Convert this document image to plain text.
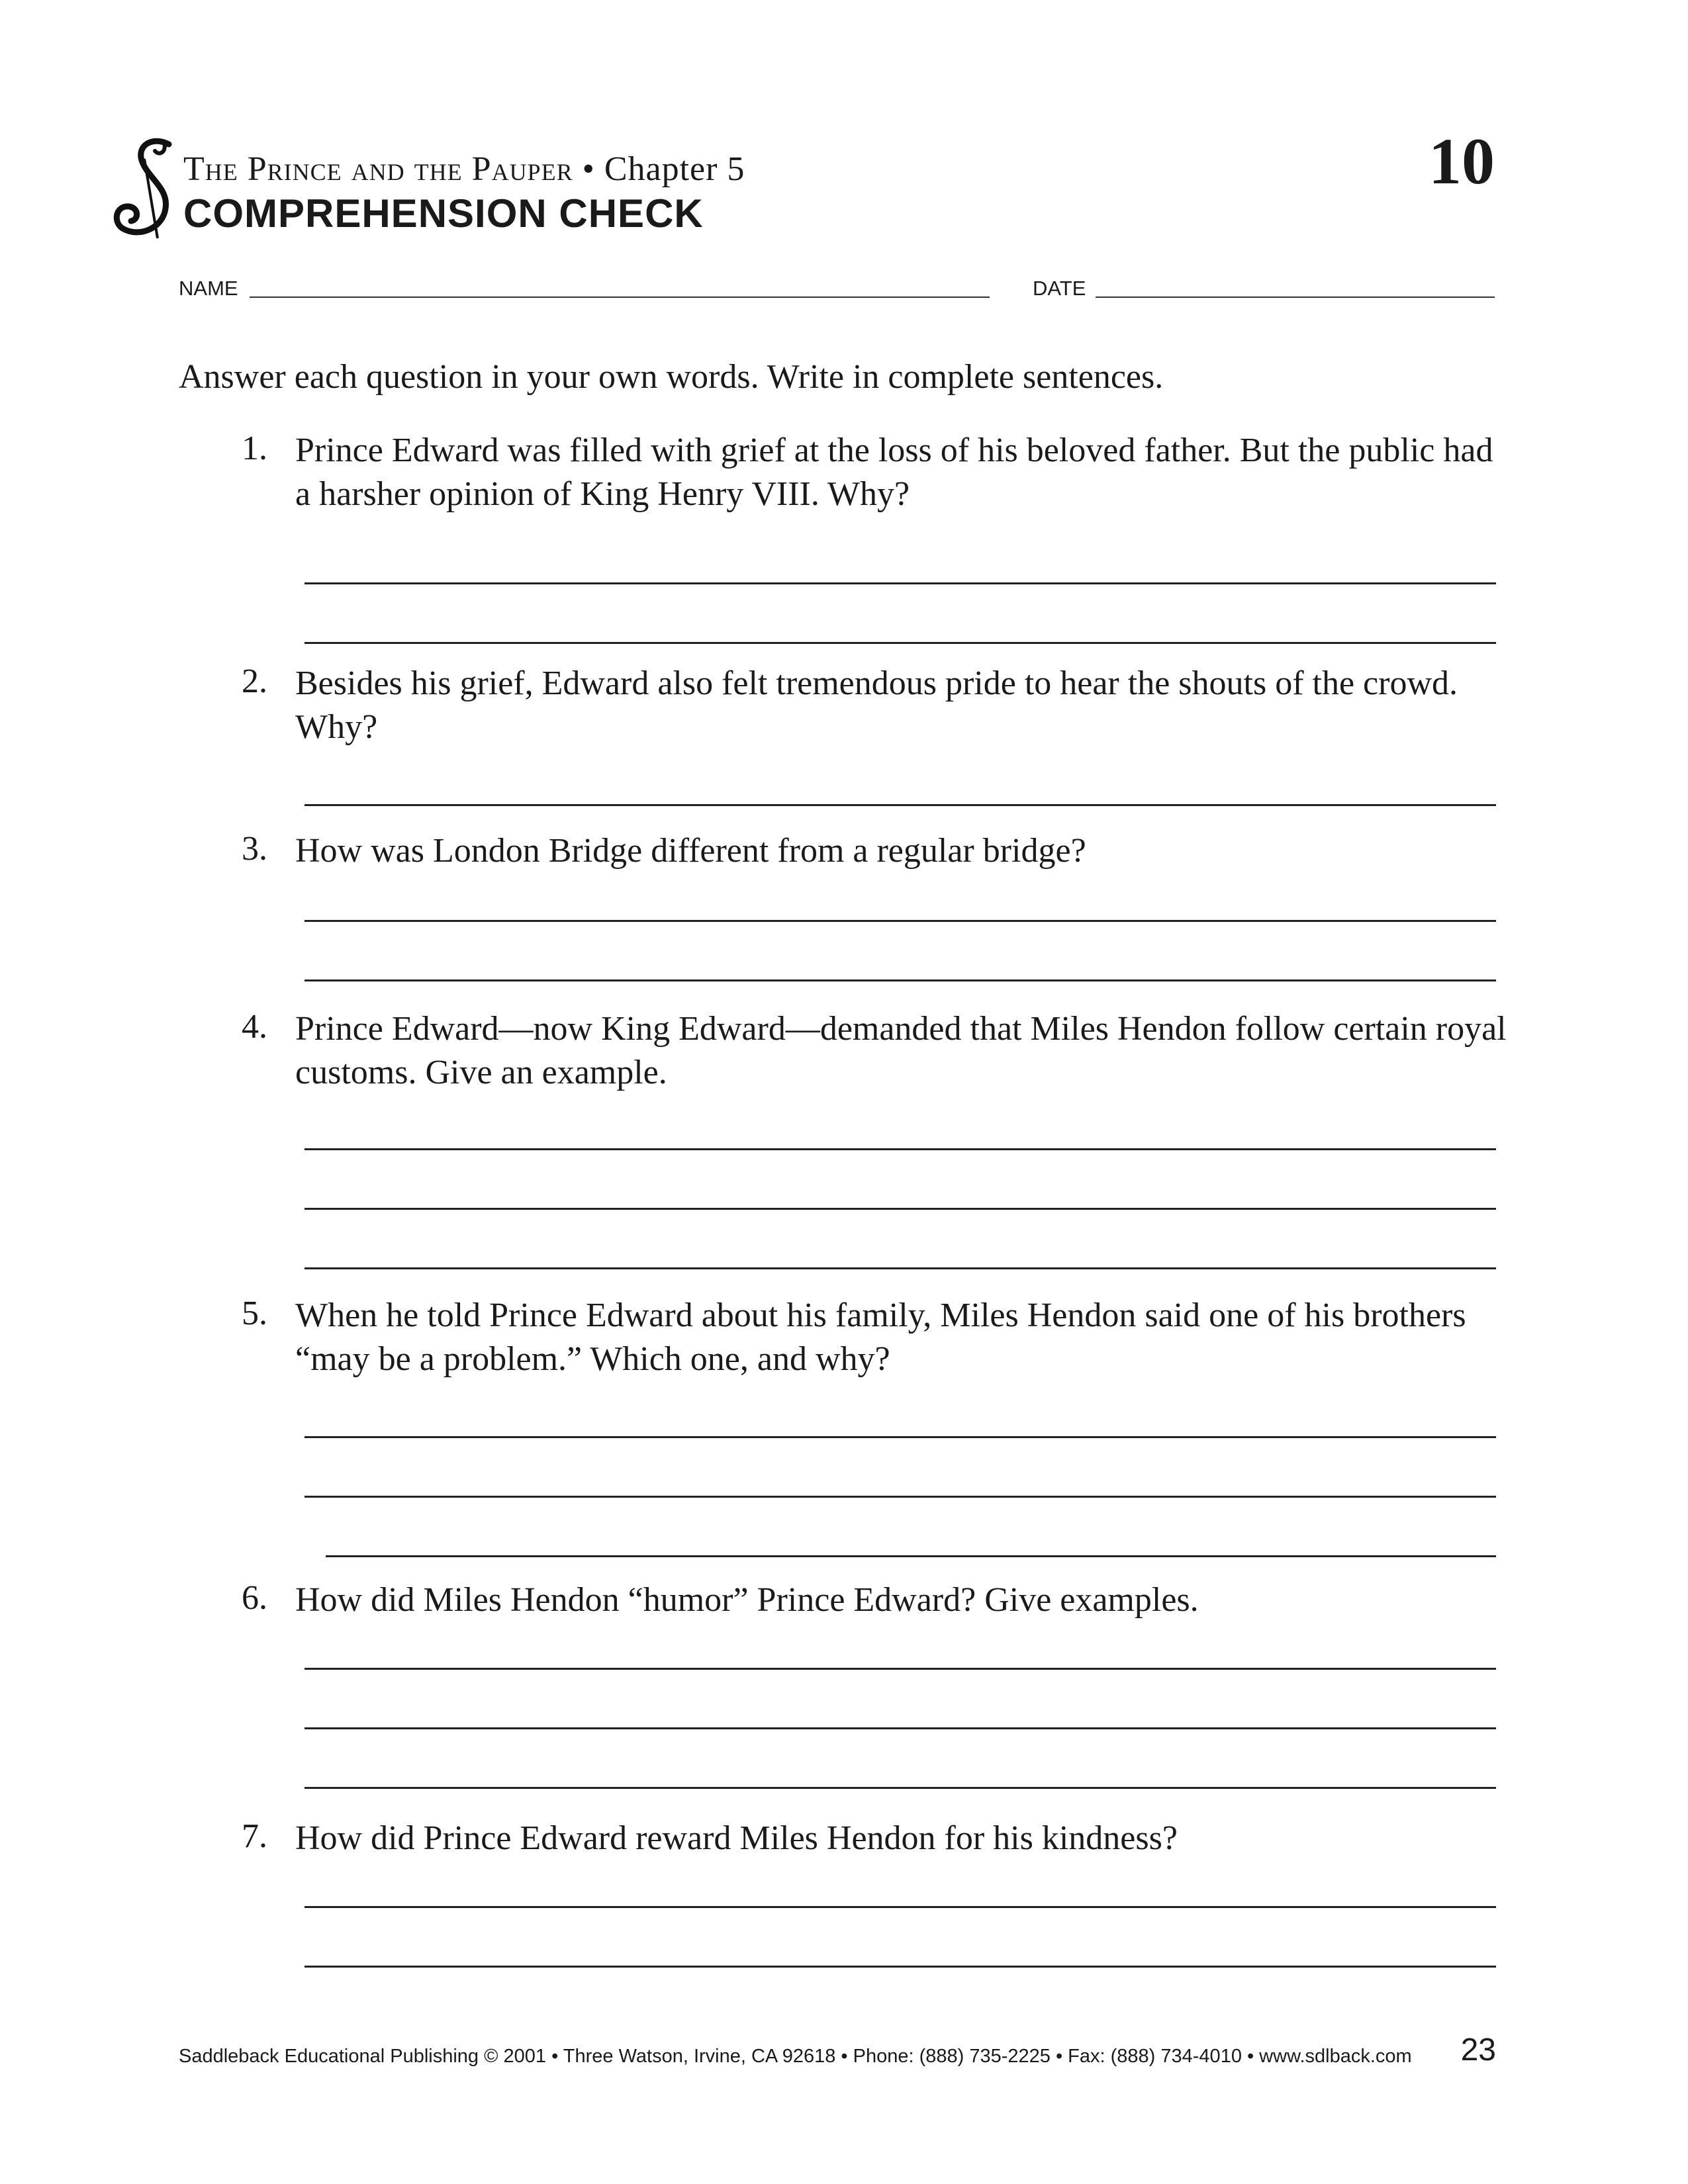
The Prince and the Pauper • Chapter 5
COMPREHENSION CHECK
10
NAME	DATE
Answer each question in your own words. Write in complete sentences.
1. Prince Edward was filled with grief at the loss of his beloved father. But the public had a harsher opinion of King Henry VIII. Why?
2. Besides his grief, Edward also felt tremendous pride to hear the shouts of the crowd. Why?
3. How was London Bridge different from a regular bridge?
4. Prince Edward—now King Edward—demanded that Miles Hendon follow certain royal customs. Give an example.
5. When he told Prince Edward about his family, Miles Hendon said one of his brothers “may be a problem.” Which one, and why?
6. How did Miles Hendon “humor” Prince Edward? Give examples.
7. How did Prince Edward reward Miles Hendon for his kindness?
Saddleback Educational Publishing © 2001 • Three Watson, Irvine, CA 92618 • Phone: (888) 735-2225 • Fax: (888) 734-4010 • www.sdlback.com 23
